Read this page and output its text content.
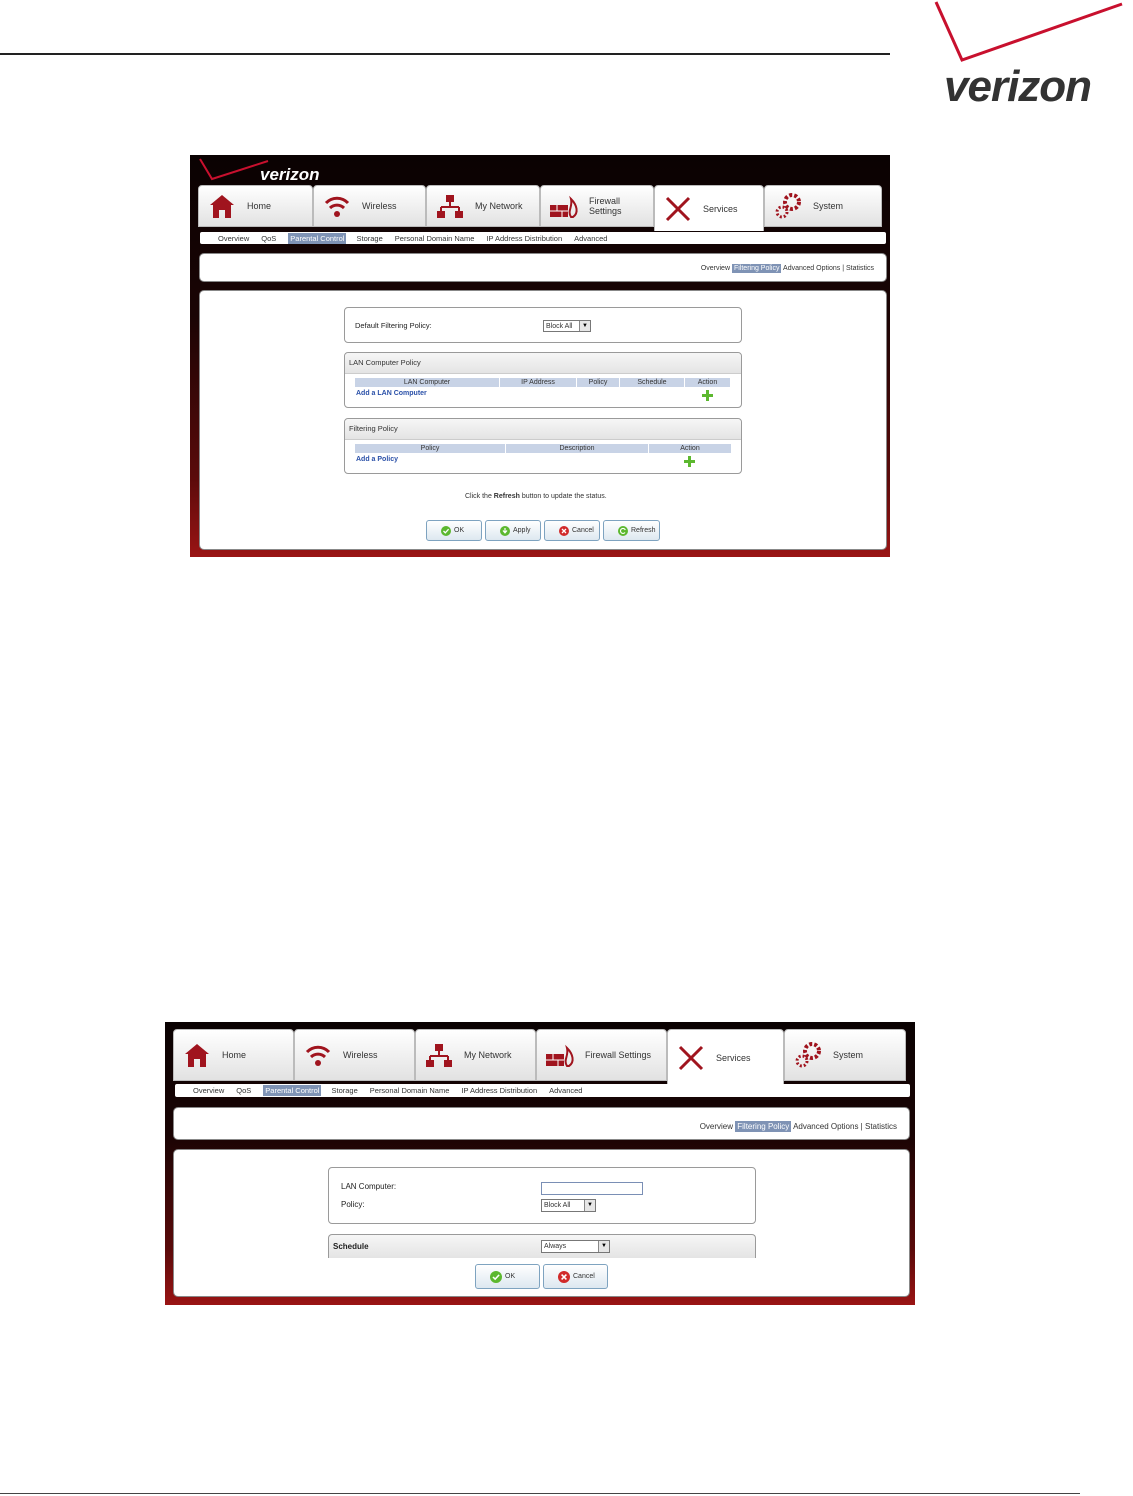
verizon
verizon
Home	Wireless	My Network	Firewall Settings	Services	System
Overview QoS Parental Control Storage Personal Domain Name IP Address Distribution Advanced
Overview Filtering Policy Advanced Options | Statistics
Default Filtering Policy:	Block All	▼
LAN Computer Policy
LAN Computer	IP Address	Policy	Schedule	Action
Add a LAN Computer
Filtering Policy
Policy	Description	Action
Add a Policy
Click the Refresh button to update the status.
OK	Apply	Cancel	Refresh
Home	Wireless	My Network	Firewall Settings	Services	System
Overview QoS Parental Control Storage Personal Domain Name IP Address Distribution Advanced
Overview Filtering Policy Advanced Options | Statistics
LAN Computer:
Policy:	Block All	▼
Schedule	Always	▼
OK	Cancel
